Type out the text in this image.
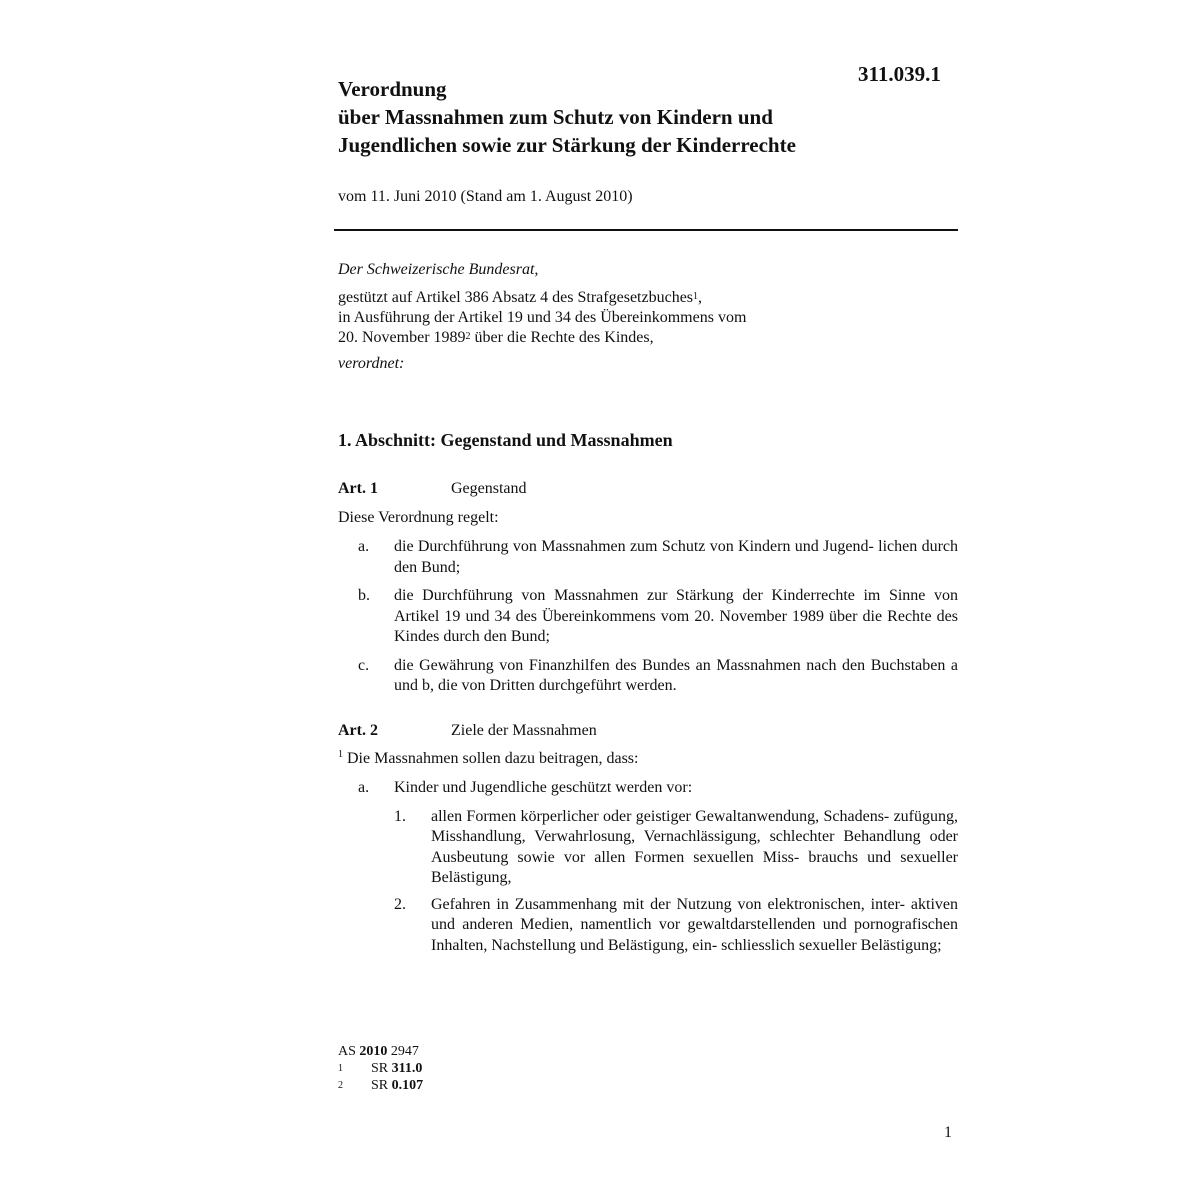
311.039.1
Verordnung
über Massnahmen zum Schutz von Kindern und
Jugendlichen sowie zur Stärkung der Kinderrechte
vom 11. Juni 2010 (Stand am 1. August 2010)
Der Schweizerische Bundesrat,
gestützt auf Artikel 386 Absatz 4 des Strafgesetzbuches$^1$,
in Ausführung der Artikel 19 und 34 des Übereinkommens vom
20. November 1989$^2$ über die Rechte des Kindes,
verordnet:
1. Abschnitt: Gegenstand und Massnahmen
Art. 1	Gegenstand
Diese Verordnung regelt:
a. die Durchführung von Massnahmen zum Schutz von Kindern und Jugend- lichen durch den Bund;
b. die Durchführung von Massnahmen zur Stärkung der Kinderrechte im Sinne von Artikel 19 und 34 des Übereinkommens vom 20. November 1989 über die Rechte des Kindes durch den Bund;
c. die Gewährung von Finanzhilfen des Bundes an Massnahmen nach den Buchstaben a und b, die von Dritten durchgeführt werden.
Art. 2	Ziele der Massnahmen
$^1$ Die Massnahmen sollen dazu beitragen, dass:
a. Kinder und Jugendliche geschützt werden vor:
1. allen Formen körperlicher oder geistiger Gewaltanwendung, Schadens- zufügung, Misshandlung, Verwahrlosung, Vernachlässigung, schlechter Behandlung oder Ausbeutung sowie vor allen Formen sexuellen Miss- brauchs und sexueller Belästigung,
2. Gefahren in Zusammenhang mit der Nutzung von elektronischen, inter- aktiven und anderen Medien, namentlich vor gewaltdarstellenden und pornografischen Inhalten, Nachstellung und Belästigung, ein- schliesslich sexueller Belästigung;
AS 2010 2947
1	SR 311.0
2	SR 0.107
1
